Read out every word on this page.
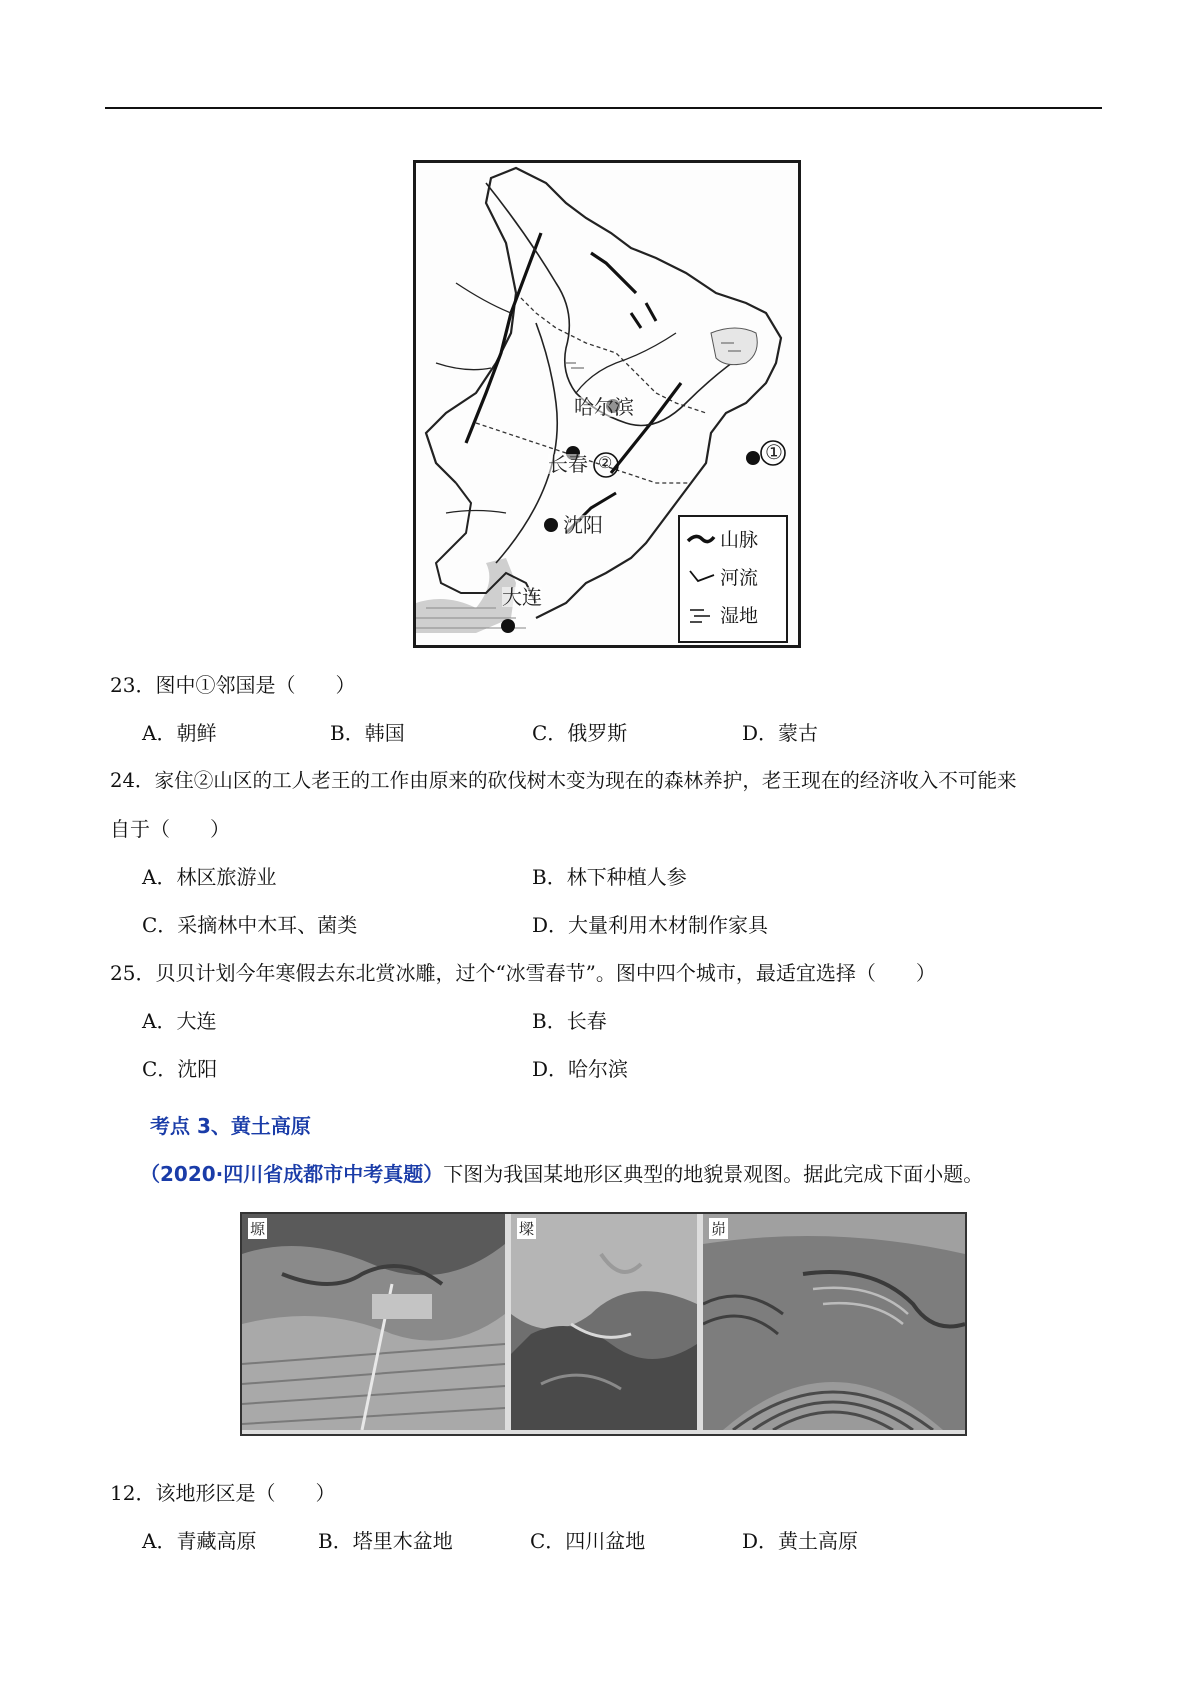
哈尔滨
长春
沈阳
大连
①
②
山脉
河流
湿地
23．图中①邻国是（　　）
A．朝鲜	B．韩国	C．俄罗斯	D．蒙古
24．家住②山区的工人老王的工作由原来的砍伐树木变为现在的森林养护，老王现在的经济收入不可能来
自于（　　）
A．林区旅游业	B．林下种植人参
C．采摘林中木耳、菌类	D．大量利用木材制作家具
25．贝贝计划今年寒假去东北赏冰雕，过个“冰雪春节”。图中四个城市，最适宜选择（　　）
A．大连	B．长春
C．沈阳	D．哈尔滨
考点 3、黄土高原
（2020·四川省成都市中考真题）下图为我国某地形区典型的地貌景观图。据此完成下面小题。
塬	墚	峁
12．该地形区是（　　）
A．青藏高原	B．塔里木盆地	C．四川盆地	D．黄土高原
